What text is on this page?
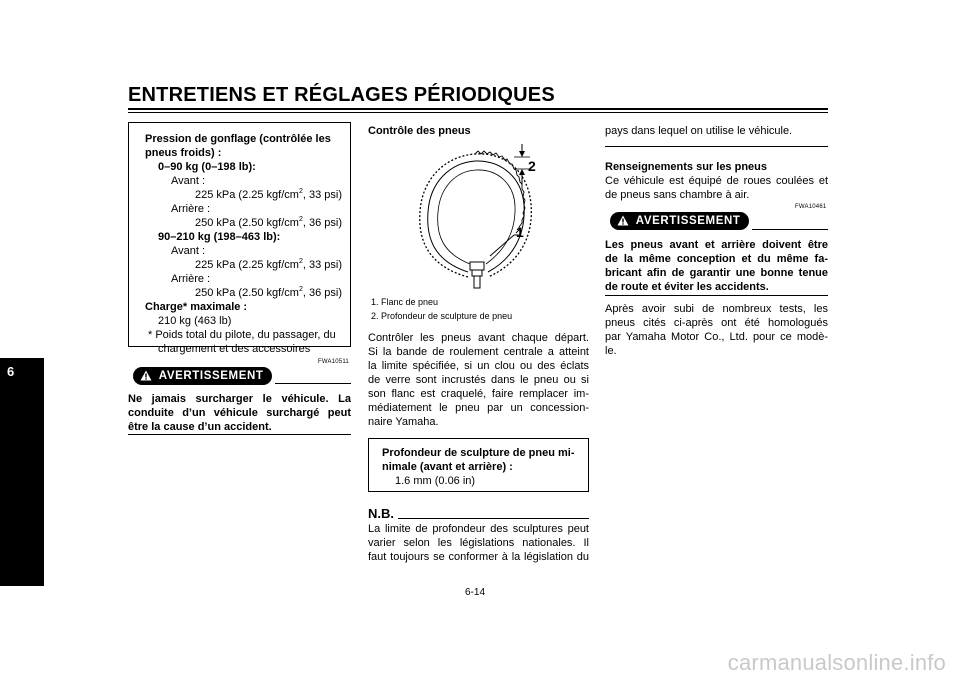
ENTRETIENS ET RÉGLAGES PÉRIODIQUES
6
Pression de gonflage (contrôlée les
pneus froids) :
0–90 kg (0–198 lb):
Avant :
225 kPa (2.25 kgf/$cm^2$, 33 psi)
Arrière :
250 kPa (2.50 kgf/$cm^2$, 36 psi)
90–210 kg (198–463 lb):
Avant :
225 kPa (2.25 kgf/$cm^2$, 33 psi)
Arrière :
250 kPa (2.50 kgf/$cm^2$, 36 psi)
Charge* maximale :
210 kg (463 lb)
* Poids total du pilote, du passager, du
chargement et des accessoires
FWA10511
AVERTISSEMENT
Ne jamais surcharger le véhicule. La
conduite d’un véhicule surchargé peut
être la cause d’un accident.
Contrôle des pneus
2
1
1. Flanc de pneu
2. Profondeur de sculpture de pneu
Contrôler les pneus avant chaque départ.
Si la bande de roulement centrale a atteint
la limite spécifiée, si un clou ou des éclats
de verre sont incrustés dans le pneu ou si
son flanc est craquelé, faire remplacer im-
médiatement le pneu par un concession-
naire Yamaha.
Profondeur de sculpture de pneu mi-
nimale (avant et arrière) :
1.6 mm (0.06 in)
N.B.
La limite de profondeur des sculptures peut
varier selon les législations nationales. Il
faut toujours se conformer à la législation du
pays dans lequel on utilise le véhicule.
Renseignements sur les pneus
Ce véhicule est équipé de roues coulées et
de pneus sans chambre à air.
FWA10461
AVERTISSEMENT
Les pneus avant et arrière doivent être
de la même conception et du même fa-
bricant afin de garantir une bonne tenue
de route et éviter les accidents.
Après avoir subi de nombreux tests, les
pneus cités ci-après ont été homologués
par Yamaha Motor Co., Ltd. pour ce modè-
le.
6-14
carmanualsonline.info
